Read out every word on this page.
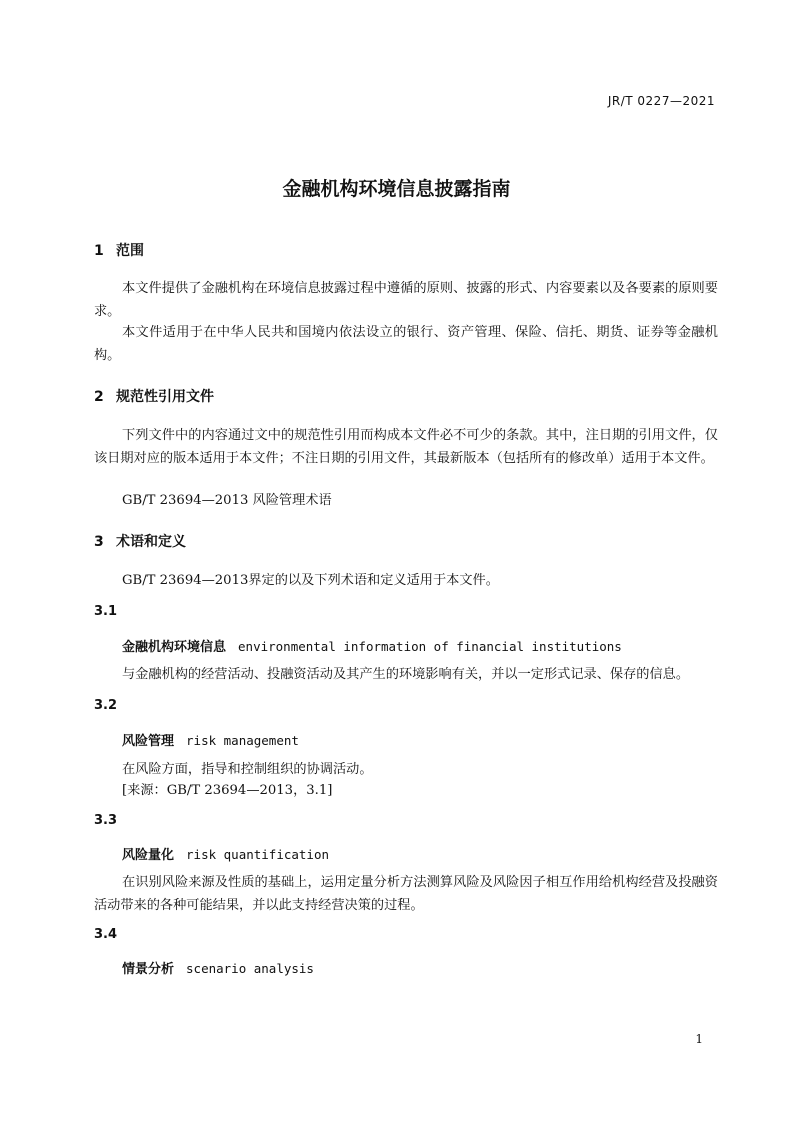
JR/T 0227—2021
金融机构环境信息披露指南
1 范围
本文件提供了金融机构在环境信息披露过程中遵循的原则、披露的形式、内容要素以及各要素的原则要求。
本文件适用于在中华人民共和国境内依法设立的银行、资产管理、保险、信托、期货、证券等金融机构。
2 规范性引用文件
下列文件中的内容通过文中的规范性引用而构成本文件必不可少的条款。其中，注日期的引用文件，仅该日期对应的版本适用于本文件；不注日期的引用文件，其最新版本（包括所有的修改单）适用于本文件。
GB/T 23694—2013 风险管理术语
3 术语和定义
GB/T 23694—2013界定的以及下列术语和定义适用于本文件。
3.1
金融机构环境信息 environmental information of financial institutions
与金融机构的经营活动、投融资活动及其产生的环境影响有关，并以一定形式记录、保存的信息。
3.2
风险管理 risk management
在风险方面，指导和控制组织的协调活动。
[来源：GB/T 23694—2013，3.1]
3.3
风险量化 risk quantification
在识别风险来源及性质的基础上，运用定量分析方法测算风险及风险因子相互作用给机构经营及投融资活动带来的各种可能结果，并以此支持经营决策的过程。
3.4
情景分析 scenario analysis
1
